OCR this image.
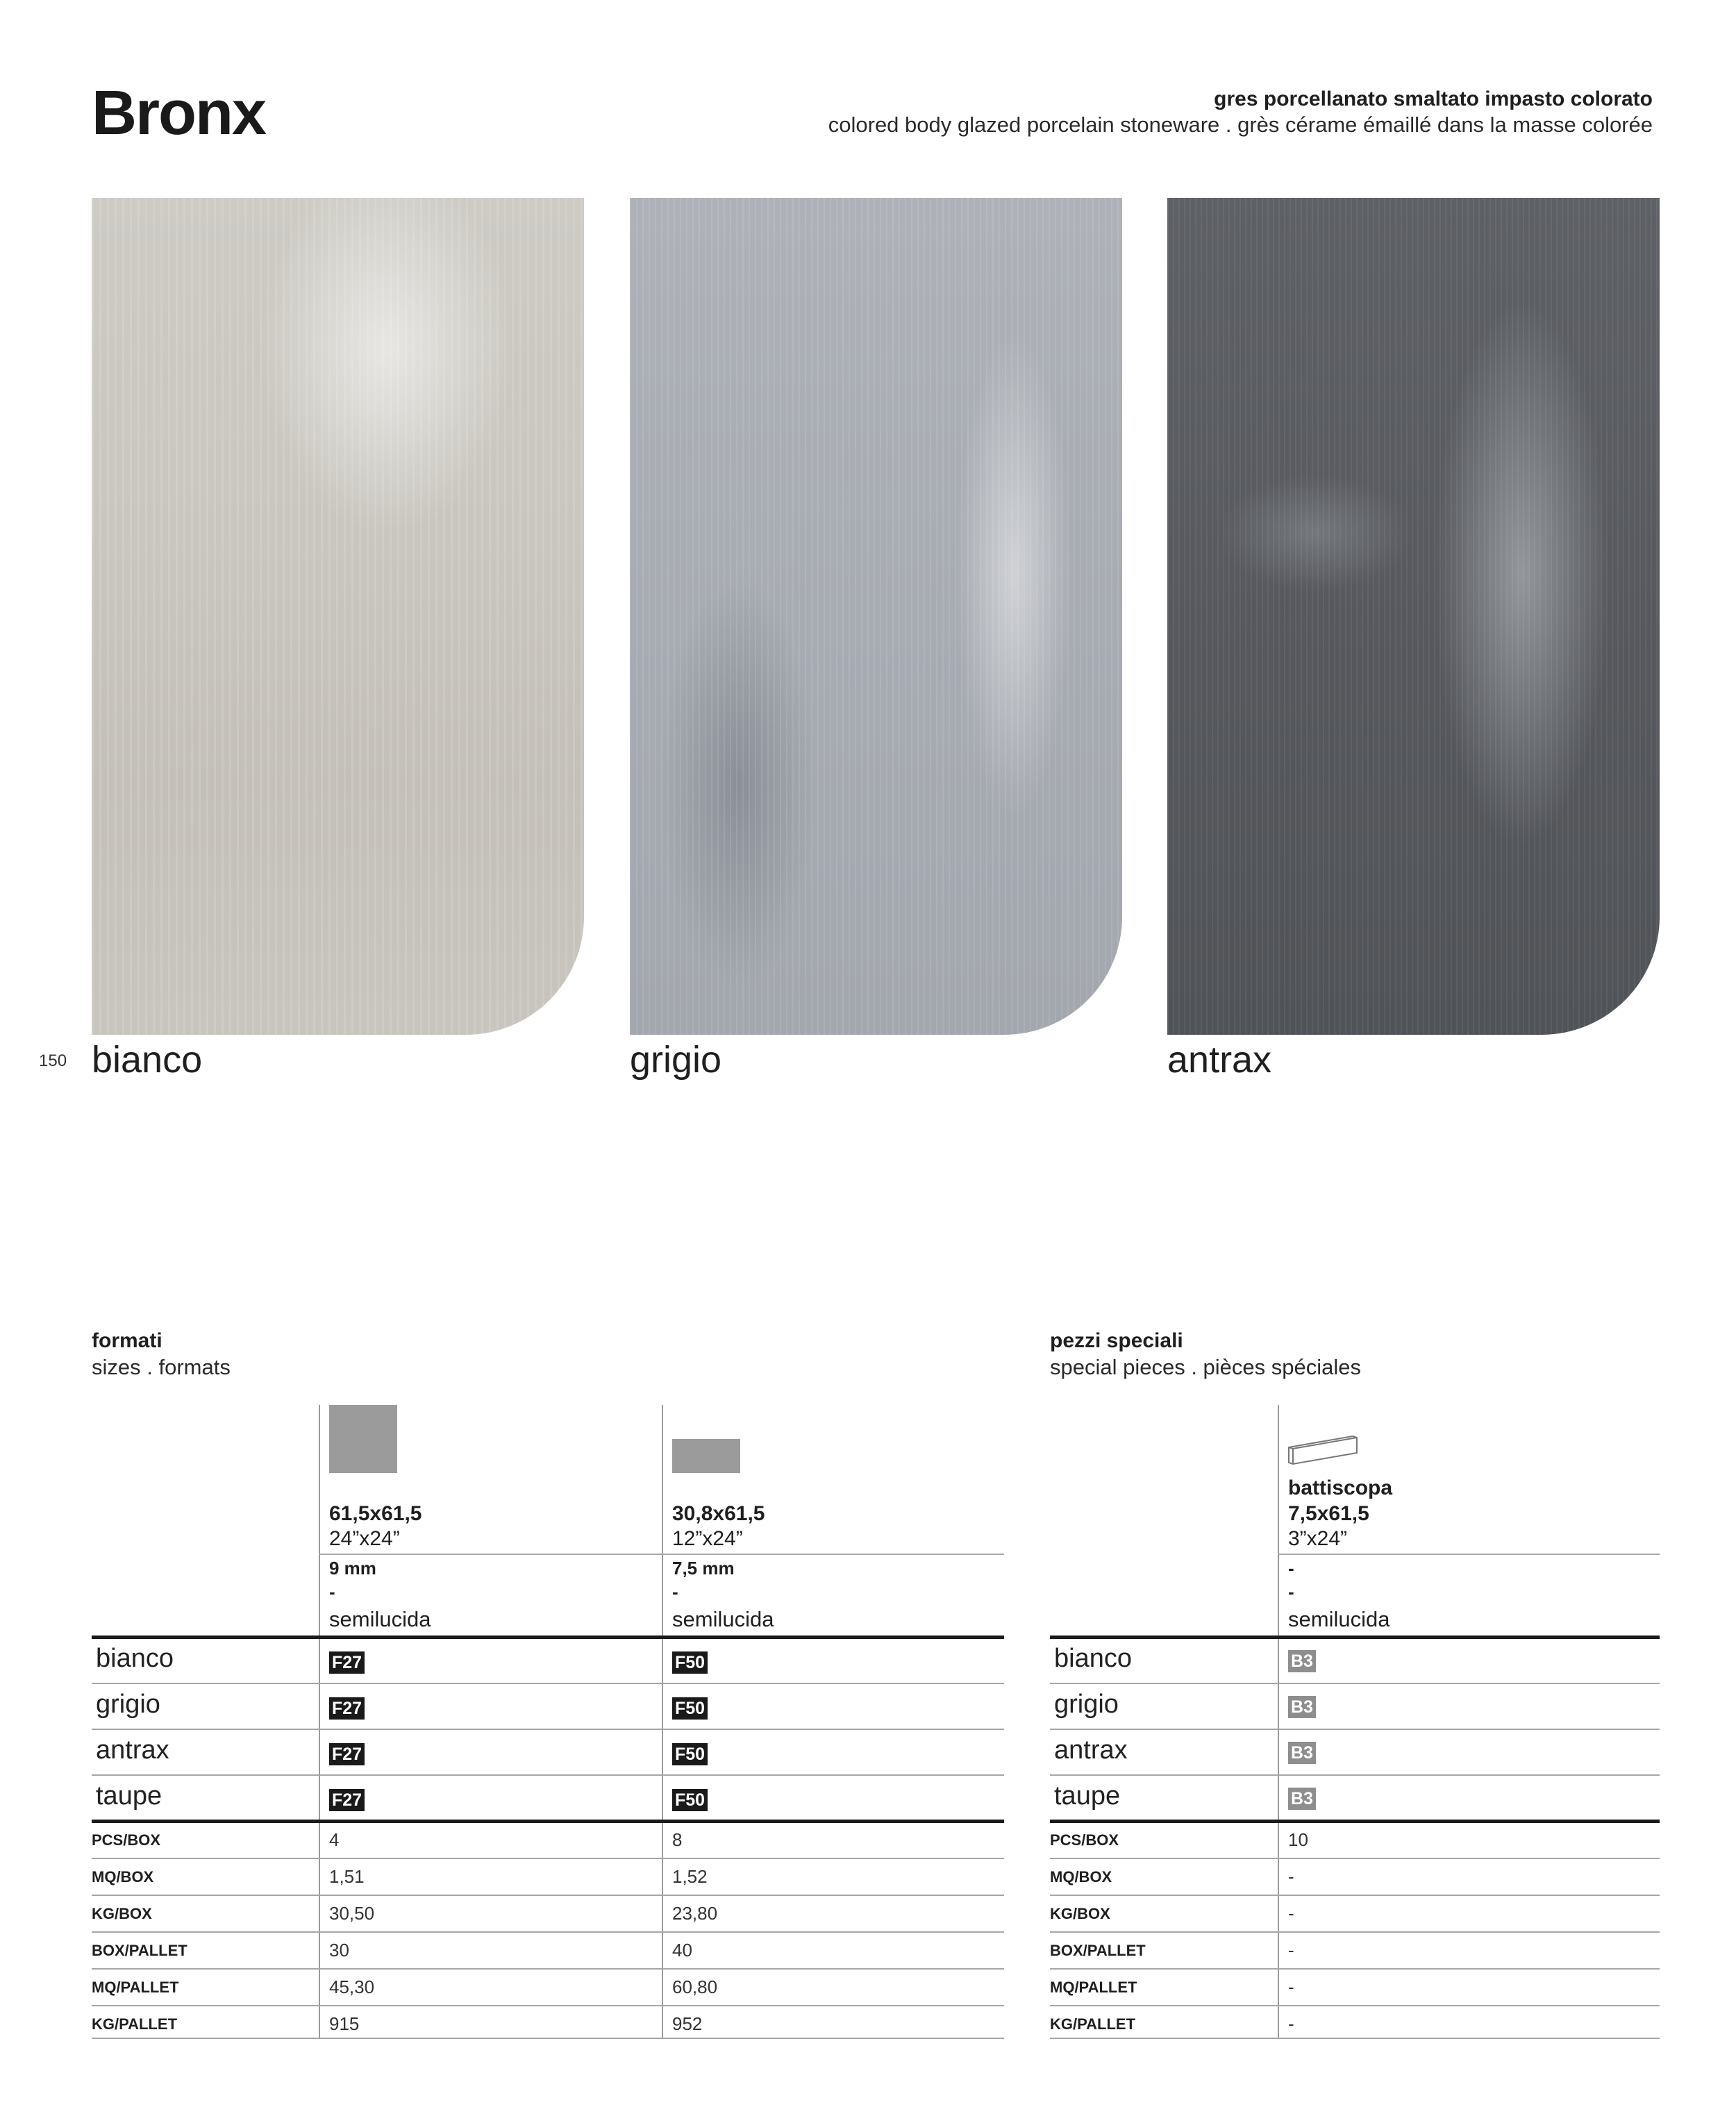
Bronx	gres porcellanato smaltato impasto colorato
colored body glazed porcelain stoneware . grès cérame émaillé dans la masse colorée
150 bianco	grigio	antrax
formati
sizes . formats
61,5x61,5
24”x24”
9 mm
-
semilucida
30,8x61,5
12”x24”
7,5 mm
-
semilucida
bianco	F27	F50
grigio	F27	F50
antrax	F27	F50
taupe	F27	F50
PCS/BOX	4	8
MQ/BOX	1,51	1,52
KG/BOX	30,50	23,80
BOX/PALLET	30	40
MQ/PALLET	45,30	60,80
KG/PALLET	915	952
pezzi speciali
special pieces . pièces spéciales
battiscopa
7,5x61,5
3”x24”
-
-
semilucida
bianco	B3
grigio	B3
antrax	B3
taupe	B3
PCS/BOX	10
MQ/BOX	-
KG/BOX	-
BOX/PALLET	-
MQ/PALLET	-
KG/PALLET	-
